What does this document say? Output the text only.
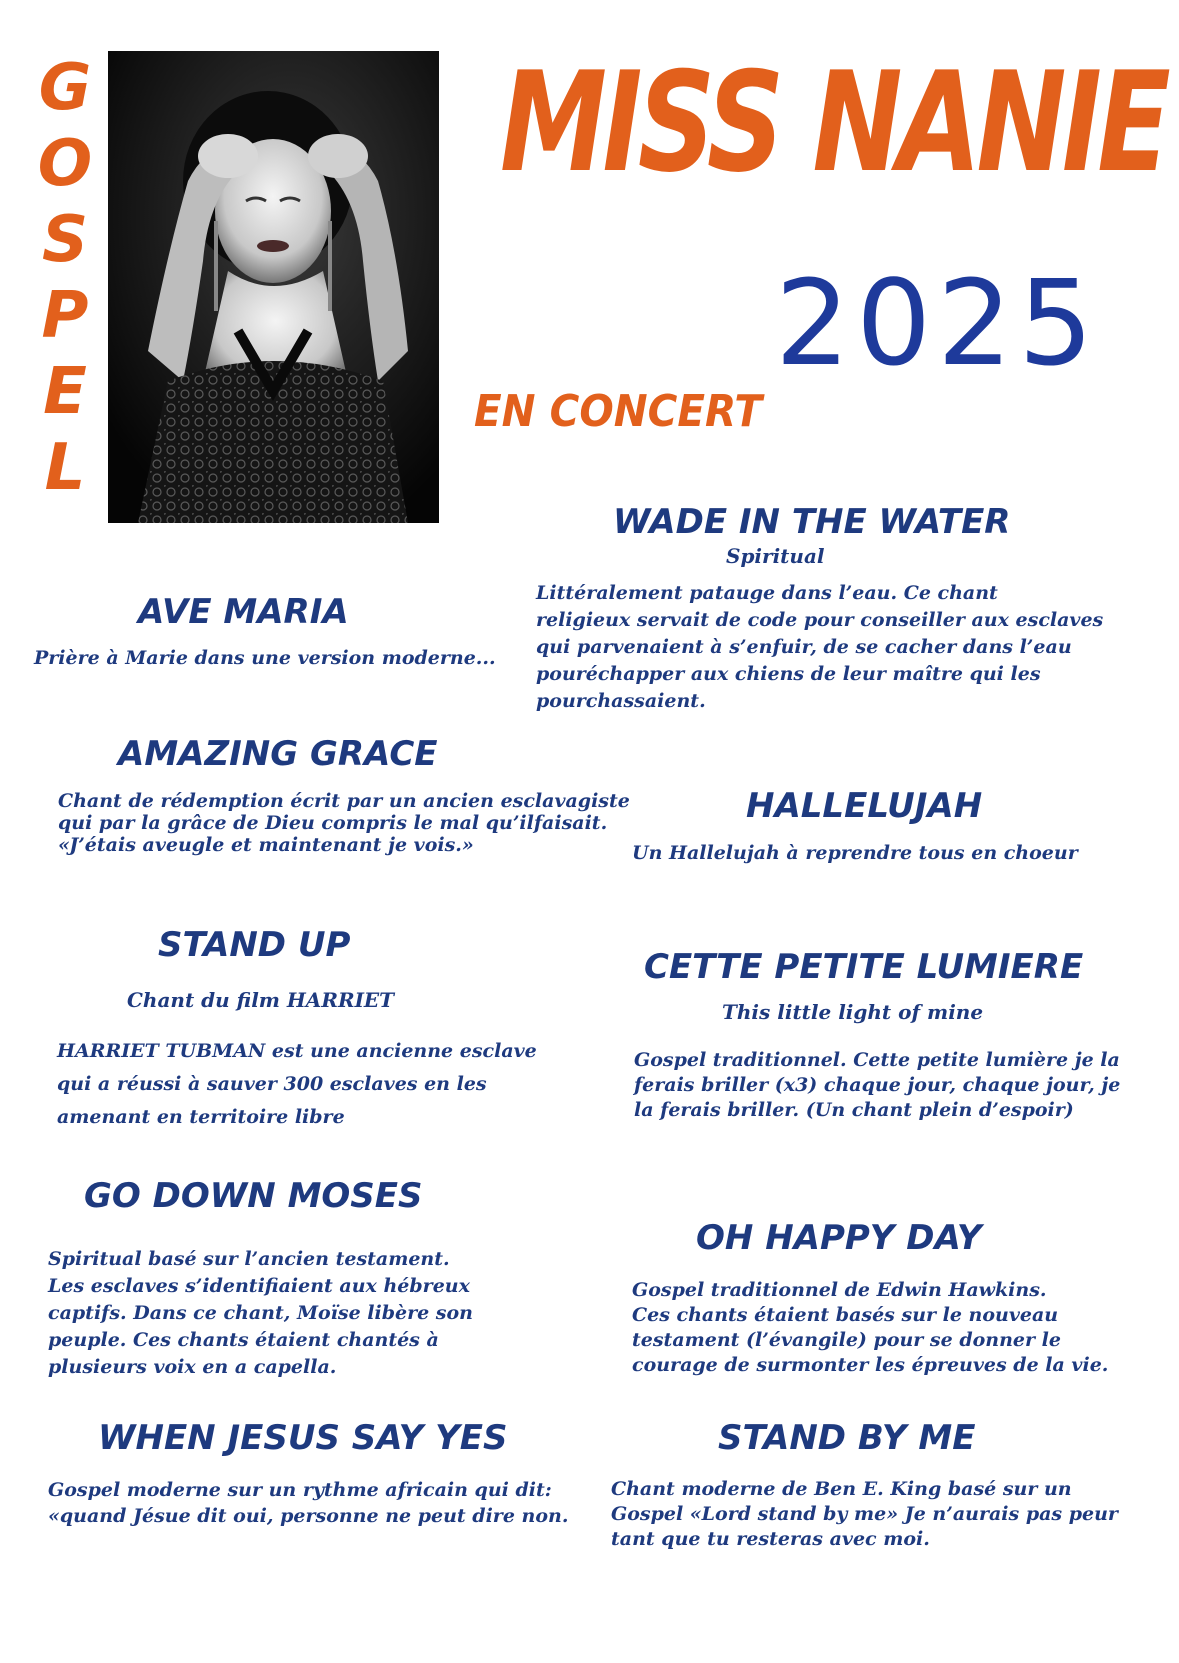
G
O
S
P
E
L
MISS NANIE
2025
EN CONCERT
WADE IN THE WATER
Spiritual
Littéralement patauge dans l’eau. Ce chant
religieux servait de code pour conseiller aux esclaves
qui parvenaient à s’enfuir, de se cacher dans l’eau
pouréchapper aux chiens de leur maître qui les
pourchassaient.
AVE MARIA
Prière à Marie dans une version moderne...
AMAZING GRACE
Chant de rédemption écrit par un ancien esclavagiste
qui par la grâce de Dieu compris le mal qu’ilfaisait.
«J’étais aveugle et maintenant je vois.»
HALLELUJAH
Un Hallelujah à reprendre tous en choeur
STAND UP
Chant du film HARRIET
HARRIET TUBMAN est une ancienne esclave
qui a réussi à sauver 300 esclaves en les
amenant en territoire libre
CETTE PETITE LUMIERE
This little light of mine
Gospel traditionnel. Cette petite lumière je la
ferais briller (x3) chaque jour, chaque jour, je
la ferais briller. (Un chant plein d’espoir)
GO DOWN MOSES
Spiritual basé sur l’ancien testament.
Les esclaves s’identifiaient aux hébreux
captifs. Dans ce chant, Moïse libère son
peuple. Ces chants étaient chantés à
plusieurs voix en a capella.
OH HAPPY DAY
Gospel traditionnel de Edwin Hawkins.
Ces chants étaient basés sur le nouveau
testament (l’évangile) pour se donner le
courage de surmonter les épreuves de la vie.
WHEN JESUS SAY YES
Gospel moderne sur un rythme africain qui dit:
«quand Jésue dit oui, personne ne peut dire non.
STAND BY ME
Chant moderne de Ben E. King basé sur un
Gospel «Lord stand by me» Je n’aurais pas peur
tant que tu resteras avec moi.
